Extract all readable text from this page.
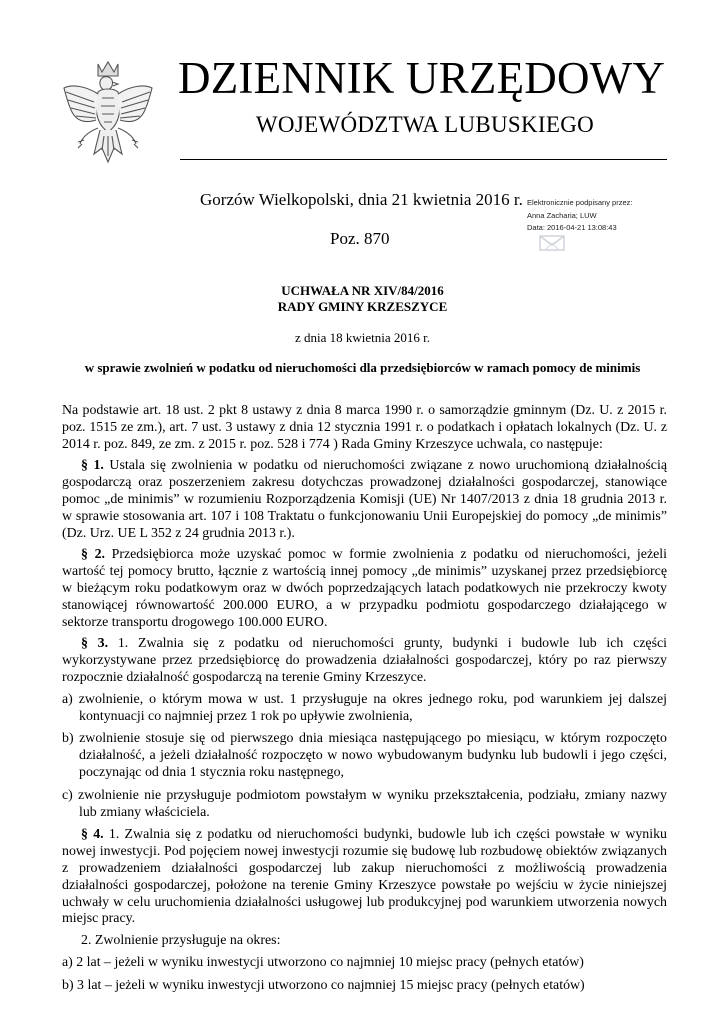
DZIENNIK URZĘDOWY
WOJEWÓDZTWA LUBUSKIEGO
Gorzów Wielkopolski, dnia 21 kwietnia 2016 r.
Poz. 870
Elektronicznie podpisany przez:
Anna Zacharia; LUW
Data: 2016-04-21 13:08:43
UCHWAŁA NR XIV/84/2016
RADY GMINY KRZESZYCE
z dnia 18 kwietnia 2016 r.
w sprawie zwolnień w podatku od nieruchomości dla przedsiębiorców w ramach pomocy de minimis

Na podstawie art. 18 ust. 2 pkt 8 ustawy z dnia 8 marca 1990 r. o samorządzie gminnym (Dz. U. z 2015 r. poz. 1515 ze zm.), art. 7 ust. 3 ustawy z dnia 12 stycznia 1991 r. o podatkach i opłatach lokalnych (Dz. U. z 2014 r. poz. 849, ze zm. z 2015 r. poz. 528 i 774 ) Rada Gminy Krzeszyce uchwala, co następuje:

§ 1. Ustala się zwolnienia w podatku od nieruchomości związane z nowo uruchomioną działalnością gospodarczą oraz poszerzeniem zakresu dotychczas prowadzonej działalności gospodarczej, stanowiące pomoc „de minimis” w rozumieniu Rozporządzenia Komisji (UE) Nr 1407/2013 z dnia 18 grudnia 2013 r. w sprawie stosowania art. 107 i 108 Traktatu o funkcjonowaniu Unii Europejskiej do pomocy „de minimis” (Dz. Urz. UE L 352 z 24 grudnia 2013 r.).

§ 2. Przedsiębiorca może uzyskać pomoc w formie zwolnienia z podatku od nieruchomości, jeżeli wartość tej pomocy brutto, łącznie z wartością innej pomocy „de minimis” uzyskanej przez przedsiębiorcę w bieżącym roku podatkowym oraz w dwóch poprzedzających latach podatkowych nie przekroczy kwoty stanowiącej równowartość 200.000 EURO, a w przypadku podmiotu gospodarczego działającego w sektorze transportu drogowego 100.000 EURO.

§ 3. 1. Zwalnia się z podatku od nieruchomości grunty, budynki i budowle lub ich części wykorzystywane przez przedsiębiorcę do prowadzenia działalności gospodarczej, który po raz pierwszy rozpocznie działalność gospodarczą na terenie Gminy Krzeszyce.

a) zwolnienie, o którym mowa w ust. 1 przysługuje na okres jednego roku, pod warunkiem jej dalszej kontynuacji co najmniej przez 1 rok po upływie zwolnienia,

b) zwolnienie stosuje się od pierwszego dnia miesiąca następującego po miesiącu, w którym rozpoczęto działalność, a jeżeli działalność rozpoczęto w nowo wybudowanym budynku lub budowli i jego części, poczynając od dnia 1 stycznia roku następnego,

c) zwolnienie nie przysługuje podmiotom powstałym w wyniku przekształcenia, podziału, zmiany nazwy lub zmiany właściciela.

§ 4. 1. Zwalnia się z podatku od nieruchomości budynki, budowle lub ich części powstałe w wyniku nowej inwestycji. Pod pojęciem nowej inwestycji rozumie się budowę lub rozbudowę obiektów związanych z prowadzeniem działalności gospodarczej lub zakup nieruchomości z możliwością prowadzenia działalności gospodarczej, położone na terenie Gminy Krzeszyce powstałe po wejściu w życie niniejszej uchwały w celu uruchomienia działalności usługowej lub produkcyjnej pod warunkiem utworzenia nowych miejsc pracy.

2. Zwolnienie przysługuje na okres:

a) 2 lat – jeżeli w wyniku inwestycji utworzono co najmniej 10 miejsc pracy (pełnych etatów)

b) 3 lat – jeżeli w wyniku inwestycji utworzono co najmniej 15 miejsc pracy (pełnych etatów)
